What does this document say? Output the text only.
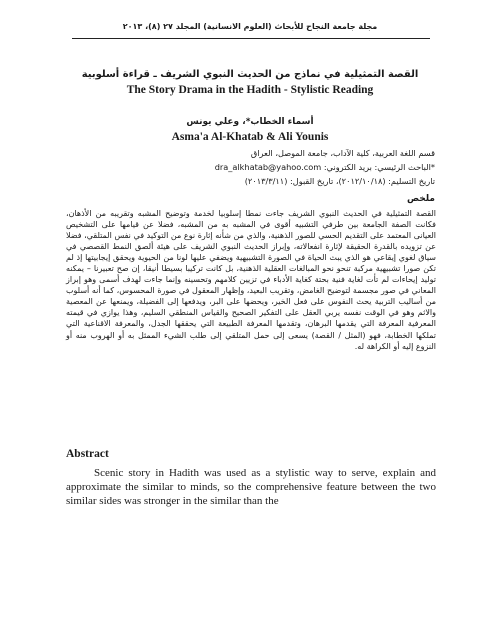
مجلة جامعة النجاح للأبحاث (العلوم الانسانية) المجلد ٢٧ (٨)، ٢٠١٣
القصة التمثيلية في نماذج من الحديث النبوي الشريف ـ قراءة أسلوبية
The Story Drama in the Hadith - Stylistic Reading
أسماء الخطاب*، وعلي يونس
Asma'a Al-Khatab & Ali Younis
قسم اللغة العربية، كلية الآداب، جامعة الموصل، العراق
*الباحث الرئيسي: بريد الكتروني: dra_alkhatab@yahoo.com
تاريخ التسليم: (٢٠١٢/١٠/١٨)، تاريخ القبول: (٢٠١٣/٣/١١)
ملخص
القصة التمثيلية في الحديث النبوي الشريف جاءت نمطا إسلوبيا لخدمة وتوضيح المشبه وتقريبه من الأذهان، فكانت الصفة الجامعة بين طرفي التشبيه أقوى في المشبه به من المشبه، فضلا عن قيامها على التشخيص العيانى المعتمد على التقديم الحسي للصور الذهنية، والذي من شأنه إثارة نوع من التوكيد في نفس المتلقي، فضلا عن تزويده بالقدرة الحقيقة لإثارة انفعالاته، وإبراز الحديث النبوي الشريف على هيئة ألصق النمط القصصي في سياق لغوي إيقاعي هو الذي يبث الحياة في الصورة التشبيهية ويضفي عليها لونا من الحيوية ويحقق إيجابيتها إذ لم تكن صورا تشبيهية مركبة تنحو نحو المبالغات العقلية الذهنية، بل كانت تركيبا بسيطا أنيقا، إن صح تعبيرنا – يمكنه توليد إيحاءات لم تأت لغاية فنية بحتة كغاية الأدباء في تزيين كلامهم وتحسينه وإنما جاءت لهدف أسمى وهو إبراز المعاني في صور مجسمة لتوضيح الغامض، وتقريب البعيد، وإظهار المعقول في صورة المحسوس، كما أنه أسلوب من أساليب التربية يحث النفوس على فعل الخير، ويحضها على البر، ويدفعها إلى الفضيلة، ويمنعها عن المعصية والاثم وهو في الوقت نفسه يربي العقل على التفكير الصحيح والقياس المنطقي السليم، وهذا يوازي في قيمته المعرفية المعرفة التي يقدمها البرهان، وتقدمها المعرفة الطبيعة التي يحققها الجدل، والمعرفة الاقناعية التي تملكها الخطابة، فهو (المثل / القصة) يسعى إلى حمل المتلقي إلى طلب الشيء الممثل به أو الهروب منه أو النزوع إليه أو الكراهة له.
Abstract
Scenic story in Hadith was used as a stylistic way to serve, explain and approximate the similar to minds, so the comprehensive feature between the two similar sides was stronger in the similar than the
